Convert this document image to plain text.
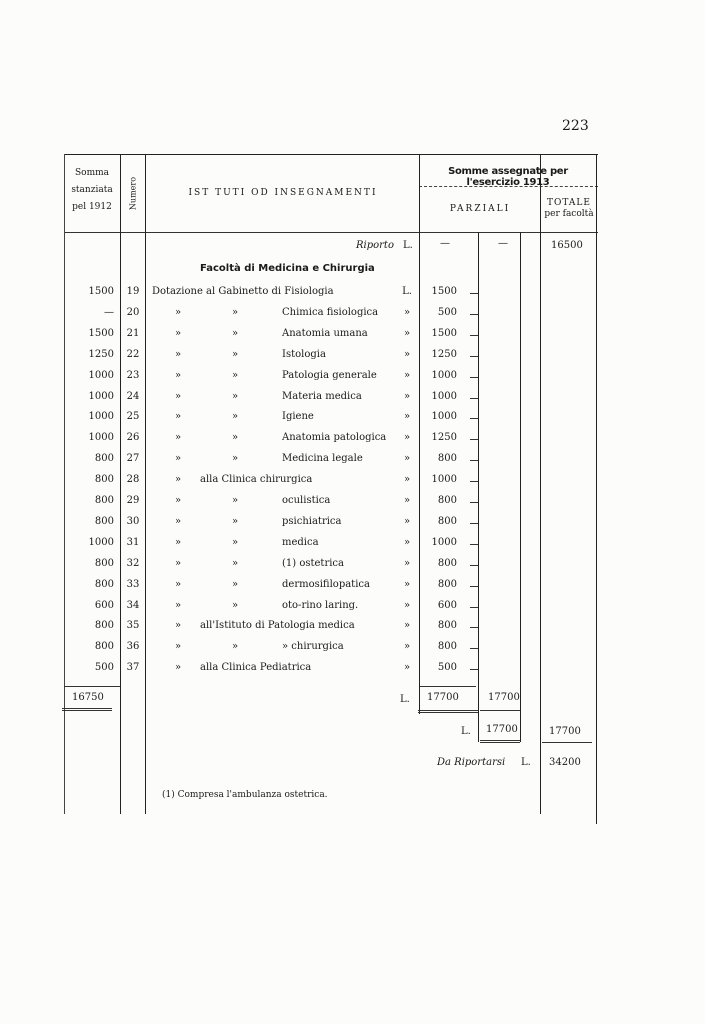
223
Somma
stanziata
pel 1912	Numero	IST TUTI OD INSEGNAMENTI
Somme assegnate per l'esercizio 1913
PARZIALI
TOTALE
per facoltà
Riporto L.	—	—	16500
Facoltà di Medicina e Chirurgia
1500 19 Dotazione al Gabinetto di Fisiologia	L. 1500
— 20	»	»	Chimica fisiologica	»	500
1500 21	»	»	Anatomia umana	» 1500
1250 22	»	»	Istologia	» 1250
1000 23	»	»	Patologia generale	» 1000
1000 24	»	»	Materia medica	» 1000
1000 25	»	»	Igiene	» 1000
1000 26	»	»	Anatomia patologica » 1250
800 27	»	»	Medicina legale	»	800
800 28	» alla Clinica chirurgica	» 1000
800 29	»	»	oculistica	»	800
800 30	»	»	psichiatrica	»	800
1000 31	»	»	medica	» 1000
800 32	»	»	(1) ostetrica	»	800
800 33	»	»	dermosifilopatica	»	800
600 34	»	»	oto-rino laring.	»	600
800 35	» all'Istituto di Patologia medica	»	800
800 36	»	»	» chirurgica	»	800
500 37	» alla Clinica Pediatrica	»	500
16750	L. 17700	17700
L. 17700	17700
Da Riportarsi L. 34200
(1) Compresa l'ambulanza ostetrica.
